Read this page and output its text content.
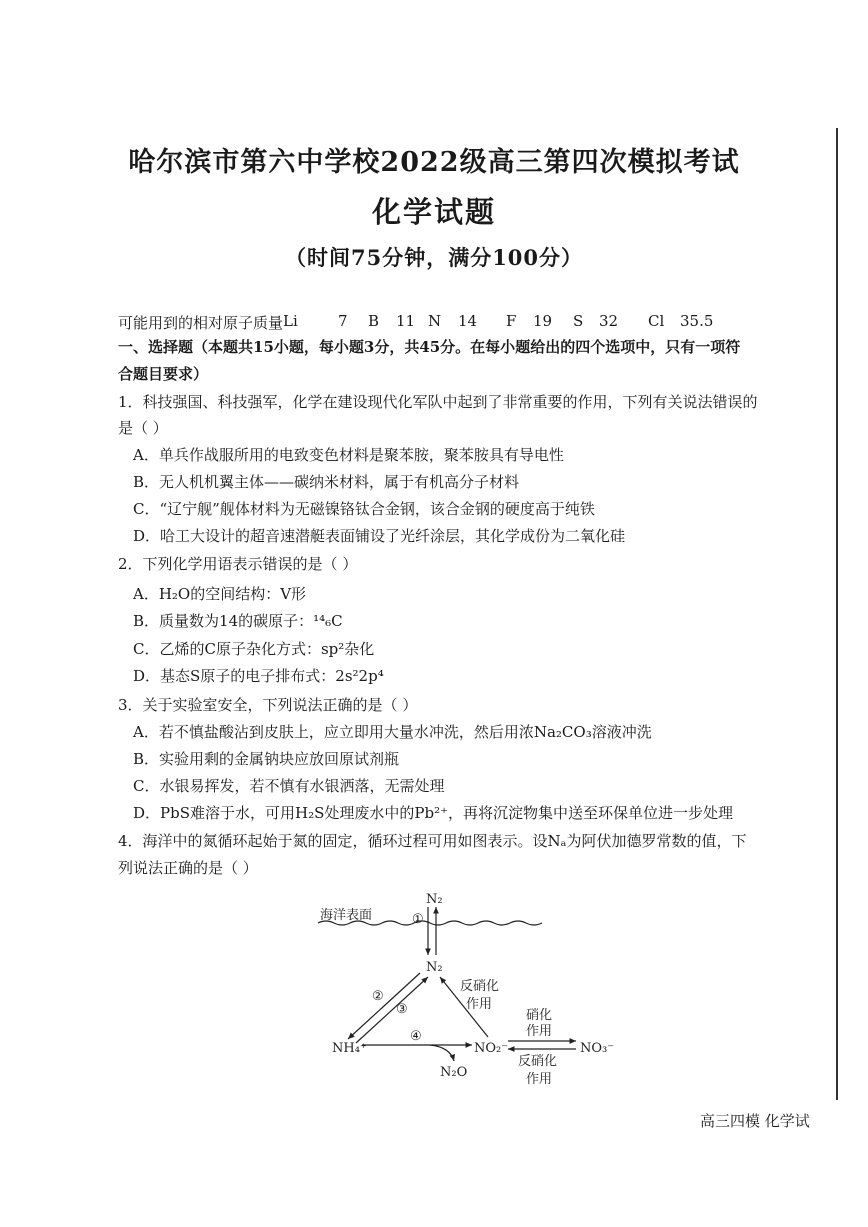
哈尔滨市第六中学校2022级高三第四次模拟考试
化学试题
（时间75分钟，满分100分）
可能用到的相对原子质量 Li	7 B 11 N 14 F 19 S 32 Cl 35.5
一、选择题（本题共15小题，每小题3分，共45分。在每小题给出的四个选项中，只有一项符
合题目要求）
1．科技强国、科技强军，化学在建设现代化军队中起到了非常重要的作用，下列有关说法错误的
是（ ）
A．单兵作战服所用的电致变色材料是聚苯胺，聚苯胺具有导电性
B．无人机机翼主体——碳纳米材料，属于有机高分子材料
C．“辽宁舰”舰体材料为无磁镍铬钛合金钢，该合金钢的硬度高于纯铁
D．哈工大设计的超音速潜艇表面铺设了光纤涂层，其化学成份为二氧化硅
2．下列化学用语表示错误的是（ ）
A．H₂O的空间结构：V形
B．质量数为14的碳原子：¹⁴₆C
C．乙烯的C原子杂化方式：sp²杂化
D．基态S原子的电子排布式：2s²2p⁴
3．关于实验室安全，下列说法正确的是（ ）
A．若不慎盐酸沾到皮肤上，应立即用大量水冲洗，然后用浓Na₂CO₃溶液冲洗
B．实验用剩的金属钠块应放回原试剂瓶
C．水银易挥发，若不慎有水银洒落，无需处理
D．PbS难溶于水，可用H₂S处理废水中的Pb²⁺，再将沉淀物集中送至环保单位进一步处理
4．海洋中的氮循环起始于氮的固定，循环过程可用如图表示。设Nₐ为阿伏加德罗常数的值，下
列说法正确的是（ ）
海洋表面
N₂
①
N₂
②
③
反硝化
作用
NH₄⁺
④
N₂O
NO₂⁻
硝化
作用
反硝化
作用
NO₃⁻
高三四模 化学试
